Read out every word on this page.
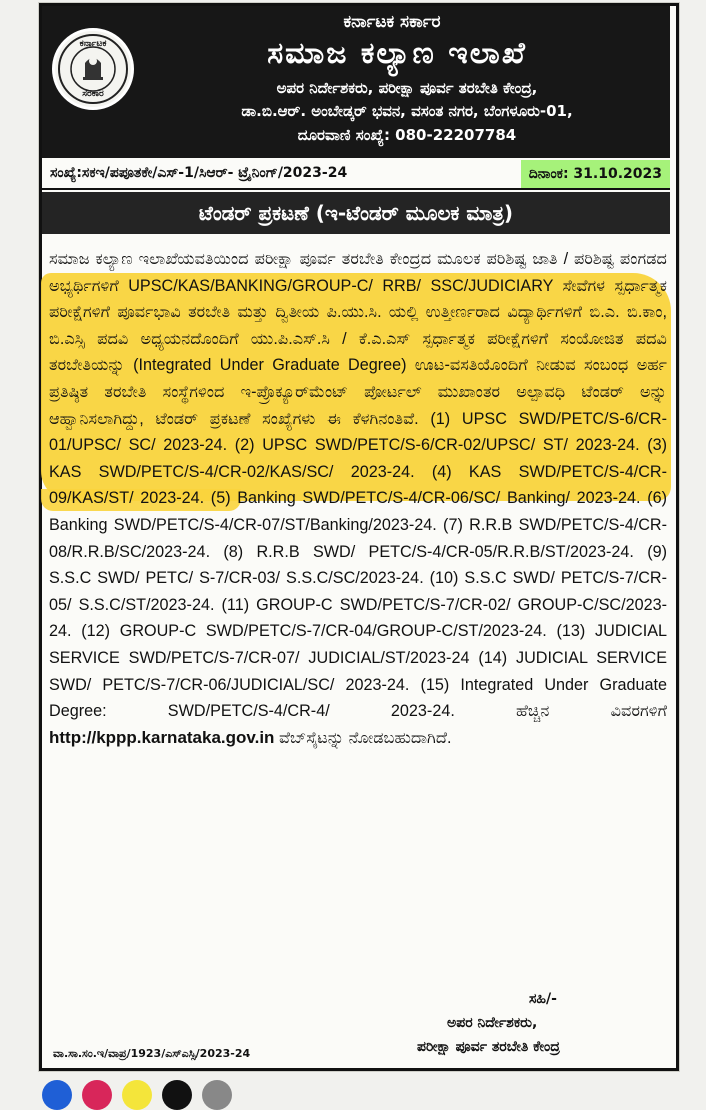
ಕರ್ನಾಟಕ
ಸರಕಾರ
ಕರ್ನಾಟಕ ಸರ್ಕಾರ
ಸಮಾಜ ಕಲ್ಯಾಣ ಇಲಾಖೆ
ಅಪರ ನಿರ್ದೇಶಕರು, ಪರೀಕ್ಷಾ ಪೂರ್ವ ತರಬೇತಿ ಕೇಂದ್ರ,
ಡಾ.ಬಿ.ಆರ್. ಅಂಬೇಡ್ಕರ್ ಭವನ, ವಸಂತ ನಗರ, ಬೆಂಗಳೂರು-01,
ದೂರವಾಣಿ ಸಂಖ್ಯೆ: 080-22207784
ಸಂಖ್ಯೆ:ಸಕಇ/ಪಪೂತಕೇ/ಎಸ್-1/ಸಿಆರ್- ಟ್ರೈನಿಂಗ್/2023-24	ದಿನಾಂಕ: 31.10.2023
ಟೆಂಡರ್ ಪ್ರಕಟಣೆ (ಇ-ಟೆಂಡರ್ ಮೂಲಕ ಮಾತ್ರ)
ಸಮಾಜ ಕಲ್ಯಾಣ ಇಲಾಖೆಯವತಿಯಿಂದ ಪರೀಕ್ಷಾ ಪೂರ್ವ ತರಬೇತಿ ಕೇಂದ್ರದ ಮೂಲಕ ಪರಿಶಿಷ್ಟ ಜಾತಿ / ಪರಿಶಿಷ್ಟ ಪಂಗಡದ ಅಭ್ಯರ್ಥಿಗಳಿಗೆ UPSC/KAS/BANKING/GROUP-C/ RRB/ SSC/JUDICIARY ಸೇವೆಗಳ ಸ್ಪರ್ಧಾತ್ಮಕ ಪರೀಕ್ಷೆಗಳಿಗೆ ಪೂರ್ವಭಾವಿ ತರಬೇತಿ ಮತ್ತು ದ್ವಿತೀಯ ಪಿ.ಯು.ಸಿ. ಯಲ್ಲಿ ಉತ್ತೀರ್ಣರಾದ ವಿದ್ಯಾರ್ಥಿಗಳಿಗೆ ಬಿ.ಎ. ಬಿ.ಕಾಂ, ಬಿ.ಎಸ್ಸಿ ಪದವಿ ಅಧ್ಯಯನದೊಂದಿಗೆ ಯು.ಪಿ.ಎಸ್.ಸಿ / ಕೆ.ಎ.ಎಸ್ ಸ್ಪರ್ಧಾತ್ಮಕ ಪರೀಕ್ಷೆಗಳಿಗೆ ಸಂಯೋಜಿತ ಪದವಿ ತರಬೇತಿಯನ್ನು (Integrated Under Graduate Degree) ಊಟ-ವಸತಿಯೊಂದಿಗೆ ನೀಡುವ ಸಂಬಂಧ ಅರ್ಹ ಪ್ರತಿಷ್ಠಿತ ತರಬೇತಿ ಸಂಸ್ಥೆಗಳಿಂದ ಇ-ಪ್ರೊಕ್ಯೂರ್‌ಮೆಂಟ್ ಪೋರ್ಟಲ್ ಮುಖಾಂತರ ಅಲ್ಪಾವಧಿ ಟೆಂಡರ್ ಅನ್ನು ಆಹ್ವಾನಿಸಲಾಗಿದ್ದು, ಟೆಂಡರ್ ಪ್ರಕಟಣೆ ಸಂಖ್ಯೆಗಳು ಈ ಕೆಳಗಿನಂತಿವೆ. (1) UPSC SWD/PETC/S-6/CR-01/UPSC/ SC/ 2023-24. (2) UPSC SWD/PETC/S-6/CR-02/UPSC/ ST/ 2023-24. (3) KAS SWD/PETC/S-4/CR-02/KAS/SC/ 2023-24. (4) KAS SWD/PETC/S-4/CR-09/KAS/ST/ 2023-24. (5) Banking SWD/PETC/S-4/CR-06/SC/ Banking/ 2023-24. (6) Banking SWD/PETC/S-4/CR-07/ST/Banking/2023-24. (7) R.R.B SWD/PETC/S-4/CR-08/R.R.B/SC/2023-24. (8) R.R.B SWD/ PETC/S-4/CR-05/R.R.B/ST/2023-24. (9) S.S.C SWD/ PETC/ S-7/CR-03/ S.S.C/SC/2023-24. (10) S.S.C SWD/ PETC/S-7/CR-05/ S.S.C/ST/2023-24. (11) GROUP-C SWD/PETC/S-7/CR-02/ GROUP-C/SC/2023-24. (12) GROUP-C SWD/PETC/S-7/CR-04/GROUP-C/ST/2023-24. (13) JUDICIAL SERVICE SWD/PETC/S-7/CR-07/ JUDICIAL/ST/2023-24 (14) JUDICIAL SERVICE SWD/ PETC/S-7/CR-06/JUDICIAL/SC/ 2023-24. (15) Integrated Under Graduate Degree: SWD/PETC/S-4/CR-4/ 2023-24. ಹೆಚ್ಚಿನ ವಿವರಗಳಿಗೆ http://kppp.karnataka.gov.in ವೆಬ್‌ಸೈಟನ್ನು ನೋಡಬಹುದಾಗಿದೆ.
ಸಹಿ/-
ಅಪರ ನಿರ್ದೇಶಕರು,
ಪರೀಕ್ಷಾ ಪೂರ್ವ ತರಬೇತಿ ಕೇಂದ್ರ
ವಾ.ಸಾ.ಸಂ.ಇ/ವಾಪ್ರ/1923/ಎಸ್ಎಸ್ಸಿ/2023-24
